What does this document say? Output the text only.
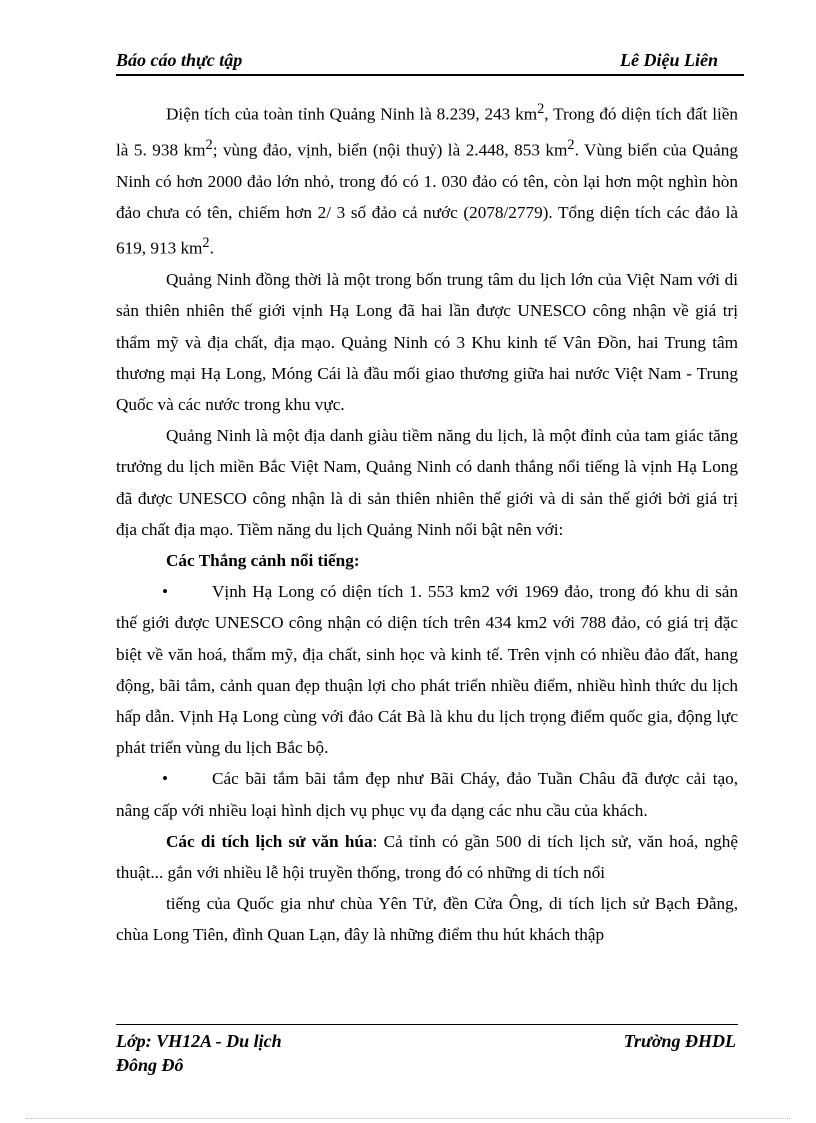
Báo cáo thực tập	Lê Diệu Liên

Diện tích của toàn tỉnh Quảng Ninh là 8.239, 243 $km^2$, Trong đó diện tích đất liền là 5. 938 $km^2$; vùng đảo, vịnh, biển (nội thuỷ) là 2.448, 853 $km^2$. Vùng biển của Quảng Ninh có hơn 2000 đảo lớn nhỏ, trong đó có 1. 030 đảo có tên, còn lại hơn một nghìn hòn đảo chưa có tên, chiếm hơn 2/ 3 số đảo cả nước (2078/2779). Tổng diện tích các đảo là 619, 913 $km^2$.

Quảng Ninh đồng thời là một trong bốn trung tâm du lịch lớn của Việt Nam với di sản thiên nhiên thế giới vịnh Hạ Long đã hai lần được UNESCO công nhận về giá trị thẩm mỹ và địa chất, địa mạo. Quảng Ninh có 3 Khu kinh tế Vân Đồn, hai Trung tâm thương mại Hạ Long, Móng Cái là đầu mối giao thương giữa hai nước Việt Nam - Trung Quốc và các nước trong khu vực.

Quảng Ninh là một địa danh giàu tiềm năng du lịch, là một đỉnh của tam giác tăng trưởng du lịch miền Bắc Việt Nam, Quảng Ninh có danh thắng nổi tiếng là vịnh Hạ Long đã được UNESCO công nhận là di sản thiên nhiên thế giới và di sản thế giới bởi giá trị địa chất địa mạo. Tiềm năng du lịch Quảng Ninh nổi bật nên với:

Các Thắng cảnh nổi tiếng:

•	Vịnh Hạ Long có diện tích 1. 553 km2 với 1969 đảo, trong đó khu di sản thế giới được UNESCO công nhận có diện tích trên 434 km2 với 788 đảo, có giá trị đặc biệt về văn hoá, thẩm mỹ, địa chất, sinh học và kinh tế. Trên vịnh có nhiều đảo đất, hang động, bãi tắm, cảnh quan đẹp thuận lợi cho phát triển nhiều điểm, nhiều hình thức du lịch hấp dẫn. Vịnh Hạ Long cùng với đảo Cát Bà là khu du lịch trọng điểm quốc gia, động lực phát triển vùng du lịch Bắc bộ.

•	Các bãi tắm bãi tắm đẹp như Bãi Cháy, đảo Tuần Châu đã được cải tạo, nâng cấp với nhiều loại hình dịch vụ phục vụ đa dạng các nhu cầu của khách.

Các di tích lịch sử văn húa: Cả tỉnh có gần 500 di tích lịch sử, văn hoá, nghệ thuật... gắn với nhiều lễ hội truyền thống, trong đó có những di tích nổi

tiếng của Quốc gia như chùa Yên Tử, đền Cửa Ông, di tích lịch sử Bạch Đằng, chùa Long Tiên, đình Quan Lạn, đây là những điểm thu hút khách thập

Lớp: VH12A - Du lịch
Đông Đô
Trường ĐHDL
